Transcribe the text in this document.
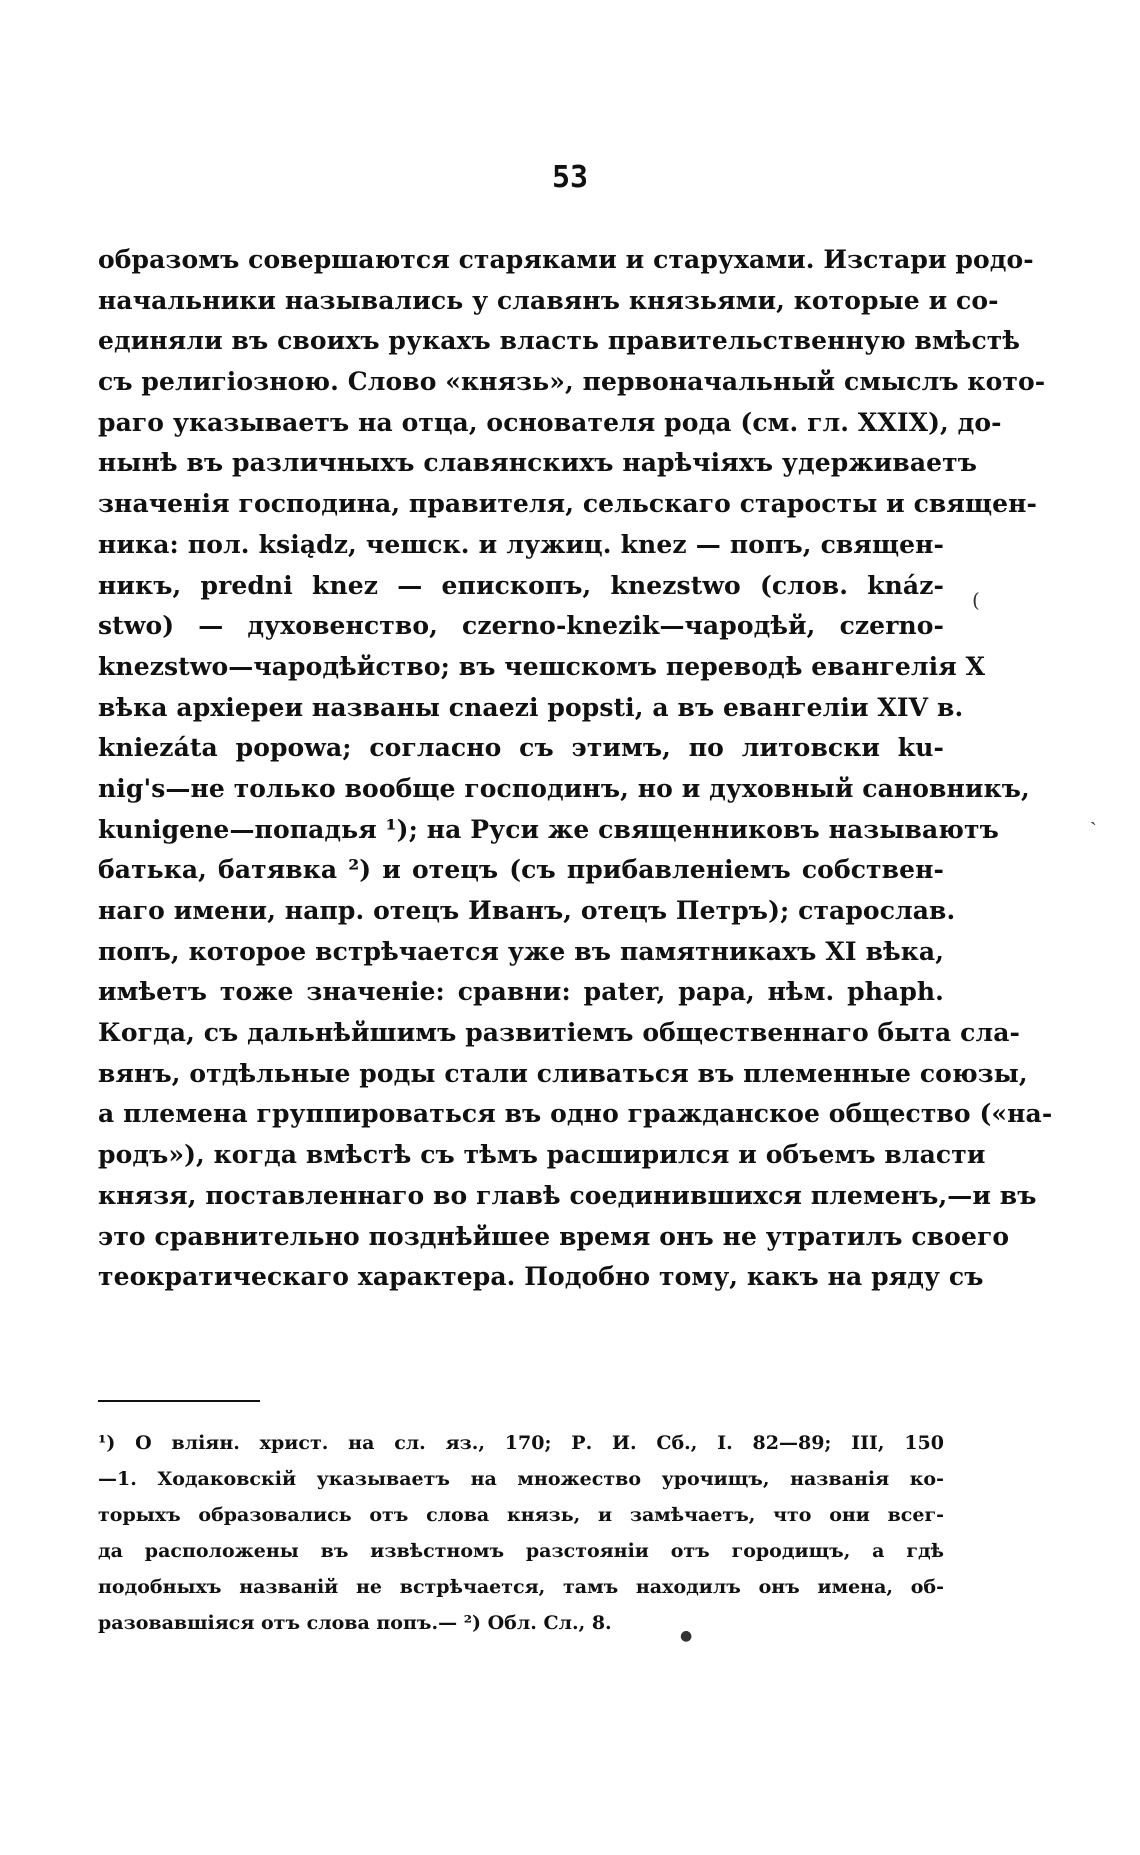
53
образомъ совершаются старяками и старухами. Изстари родо-
начальники назывались у славянъ князьями, которые и со-
единяли въ своихъ рукахъ власть правительственную вмѣстѣ
съ религiозною. Слово «князь», первоначальный смыслъ кото-
раго указываетъ на отца, основателя рода (см. гл. XXIX), до-
нынѣ въ различныхъ славянскихъ нарѣчiяхъ удерживаетъ
значенiя господина, правителя, сельскаго старосты и священ-
ника: пол. ksiądz, чешск. и лужиц. knez — попъ, священ-
никъ, predni knez — епископъ, knezstwo (слов. knáz-
stwo) — духовенство, czerno-knezik—чародѣй, czerno-
knezstwo—чародѣйство; въ чешскомъ переводѣ евангелiя X
вѣка архiереи названы cnaezi popsti, а въ евангелiи XIV в.
kniezáta popowa; согласно съ этимъ, по литовски ku-
nig's—не только вообще господинъ, но и духовный сановникъ,
kunigene—попадья ¹); на Руси же священниковъ называютъ
батька, батявка ²) и отецъ (съ прибавленiемъ собствен-
наго имени, напр. отецъ Иванъ, отецъ Петръ); старослав.
попъ, которое встрѣчается уже въ памятникахъ XI вѣка,
имѣетъ тоже значенiе: сравни: pater, papa, нѣм. phaph.
Когда, съ дальнѣйшимъ развитiемъ общественнаго быта сла-
вянъ, отдѣльные роды стали сливаться въ племенные союзы,
а племена группироваться въ одно гражданское общество («на-
родъ»), когда вмѣстѣ съ тѣмъ расширился и объемъ власти
князя, поставленнаго во главѣ соединившихся племенъ,—и въ
это сравнительно позднѣйшее время онъ не утратилъ своего
теократическаго характера. Подобно тому, какъ на ряду съ
¹) О влiян. христ. на сл. яз., 170; Р. И. Сб., I. 82—89; III, 150
—1. Ходаковскiй указываетъ на множество урочищъ, названiя ко-
торыхъ образовались отъ слова князь, и замѣчаетъ, что они всег-
да расположены въ извѣстномъ разстоянiи отъ городищъ, а гдѣ
подобныхъ названiй не встрѣчается, тамъ находилъ онъ имена, об-
разовавшiяся отъ слова попъ.— ²) Обл. Сл., 8.
(
˴
●
